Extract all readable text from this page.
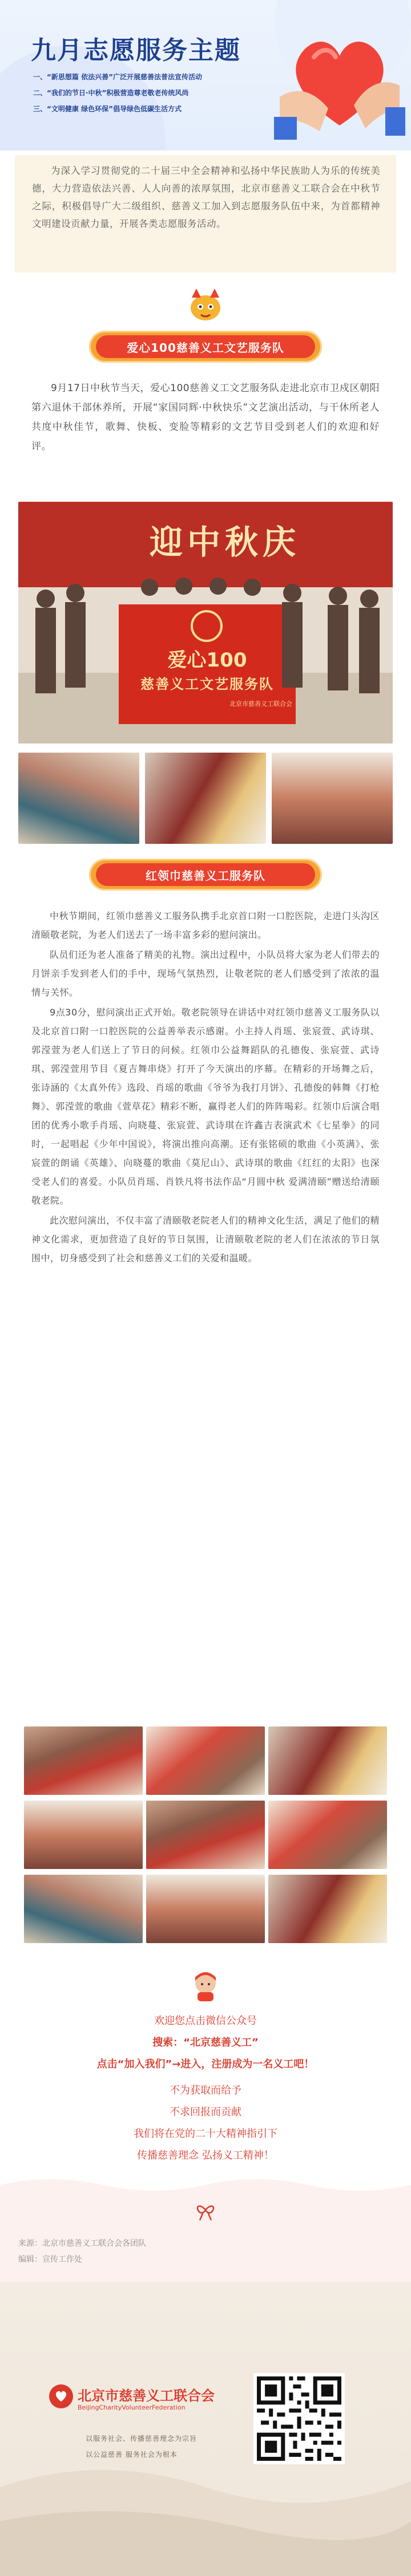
九月志愿服务主题
一、“新思想篇 依法兴善”广泛开展慈善法普法宣传活动
二、“我们的节日·中秋”积极营造尊老敬老传统风尚
三、“文明健康 绿色环保”倡导绿色低碳生活方式
为深入学习贯彻党的二十届三中全会精神和弘扬中华民族助人为乐的传统美德，大力营造依法兴善、人人向善的浓厚氛围，北京市慈善义工联合会在中秋节之际，积极倡导广大二级组织、慈善义工加入到志愿服务队伍中来，为首都精神文明建设贡献力量，开展各类志愿服务活动。
爱心100慈善义工文艺服务队

9月17日中秋节当天，爱心100慈善义工文艺服务队走进北京市卫戍区朝阳第六退休干部休养所，开展“家国同辉·中秋快乐”文艺演出活动，与干休所老人共度中秋佳节，歌舞、快板、变脸等精彩的文艺节目受到老人们的欢迎和好评。

迎中秋庆
爱心100
慈善义工文艺服务队
北京市慈善义工联合会
红领巾慈善义工服务队

中秋节期间，红领巾慈善义工服务队携手北京首口附一口腔医院，走进门头沟区清颐敬老院，为老人们送去了一场丰富多彩的慰问演出。

队员们还为老人准备了精美的礼物。演出过程中，小队员将大家为老人们带去的月饼亲手发到老人们的手中，现场气氛热烈，让敬老院的老人们感受到了浓浓的温情与关怀。

9点30分，慰问演出正式开始。敬老院领导在讲话中对红领巾慈善义工服务队以及北京首口附一口腔医院的公益善举表示感谢。小主持人肖瑶、张宸萱、武诗琪、郭滢萱为老人们送上了节日的问候。红领巾公益舞蹈队的孔德俊、张宸萱、武诗琪、郭滢萱用节目《夏吉舞串烧》打开了今天演出的序幕。在精彩的开场舞之后，张诗涵的《太真外传》选段、肖瑶的歌曲《爷爷为我打月饼》、孔德俊的韩舞《打枪舞》、郭滢萱的歌曲《萱草花》精彩不断，赢得老人们的阵阵喝彩。红领巾后演合唱团的优秀小歌手肖瑶、向晓蔓、张宸萱、武诗琪在许鑫吉表演武术《七星拳》的同时，一起唱起《少年中国说》，将演出推向高潮。还有张铭硕的歌曲《小英满》、张宸萱的朗诵《英雄》、向晓蔓的歌曲《莫尼山》、武诗琪的歌曲《红红的太阳》也深受老人们的喜爱。小队员肖瑶、肖铁凡将书法作品“月圆中秋 爱满清颐”赠送给清颐敬老院。

此次慰问演出，不仅丰富了清颐敬老院老人们的精神文化生活，满足了他们的精神文化需求，更加营造了良好的节日氛围，让清颐敬老院的老人们在浓浓的节日氛围中，切身感受到了社会和慈善义工们的关爱和温暖。

欢迎您点击微信公众号
搜索：“北京慈善义工”
点击“加入我们”→进入，注册成为一名义工吧！
不为获取而给予
不求回报而贡献
我们将在党的二十大精神指引下
传播慈善理念 弘扬义工精神！
来源：北京市慈善义工联合会各团队
编辑：宣传工作处
北京市慈善义工联合会
BeijingCharityVolunteerFederation
以服务社会、传播慈善理念为宗旨
以公益慈善 服务社会为根本
